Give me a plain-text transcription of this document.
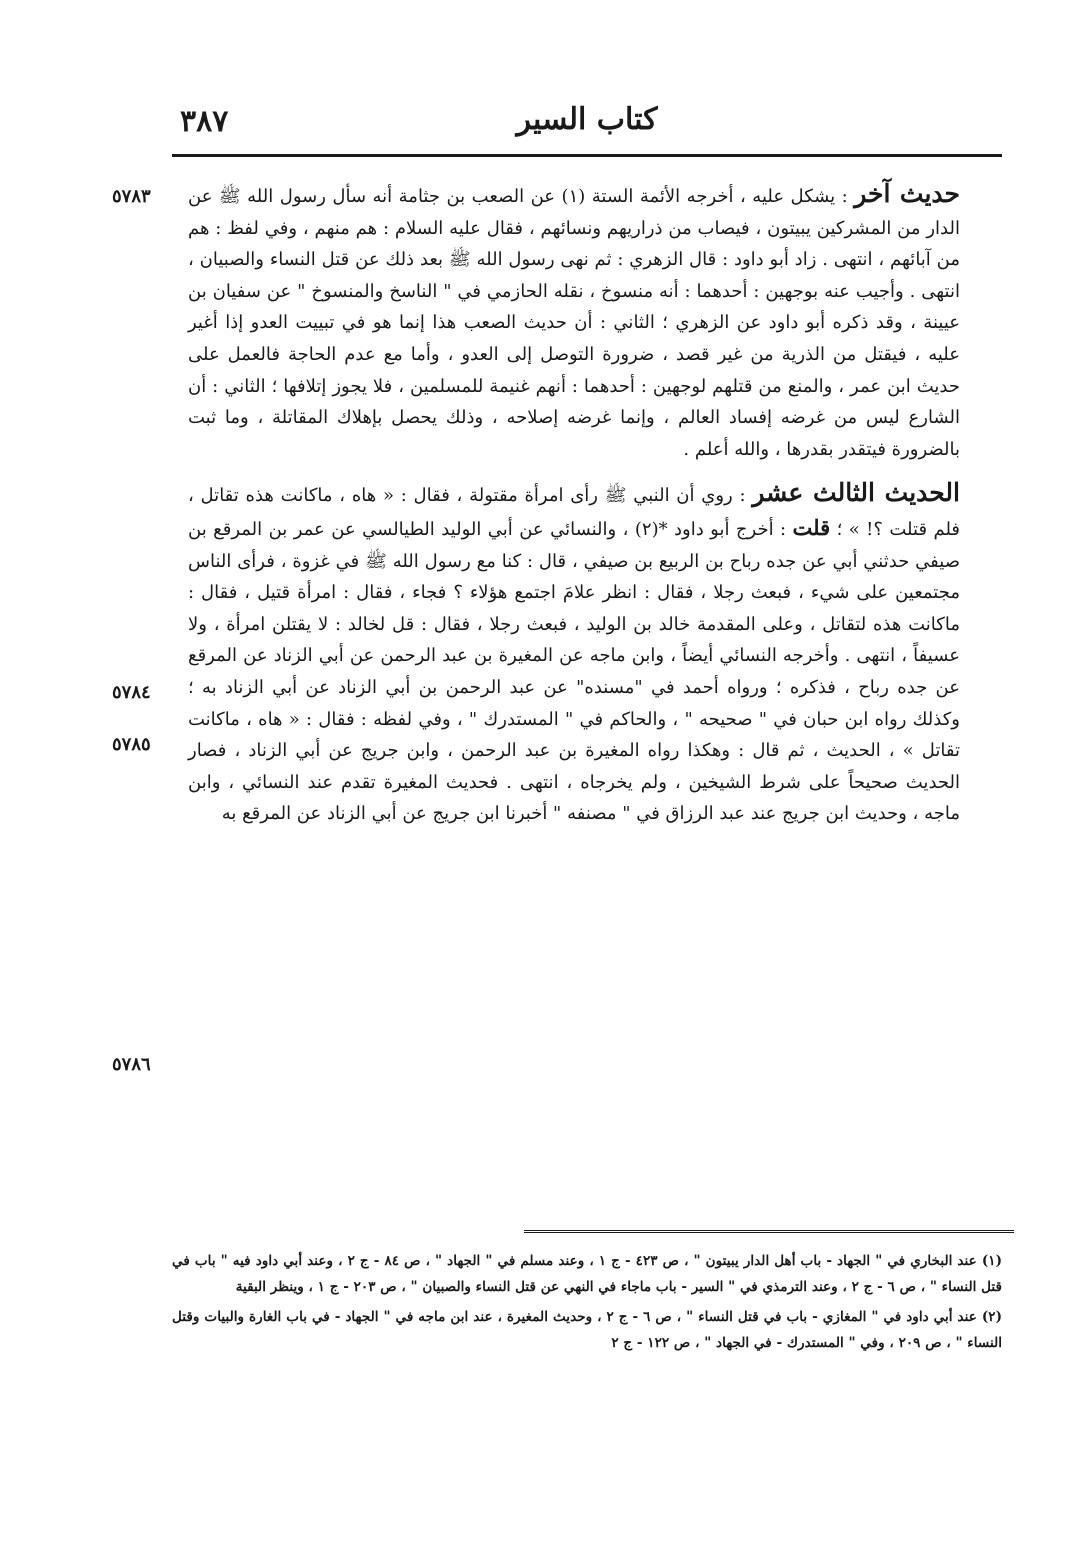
كتاب السير
٣٨٧
٥٧٨٣
٥٧٨٤
٥٧٨٥
٥٧٨٦

حديث آخر : يشكل عليه ، أخرجه الأئمة الستة (١) عن الصعب بن جثامة أنه سأل رسول الله ﷺ عن الدار من المشركين يبيتون ، فيصاب من ذراريهم ونسائهم ، فقال عليه السلام : هم منهم ، وفي لفظ : هم من آبائهم ، انتهى . زاد أبو داود : قال الزهري : ثم نهى رسول الله ﷺ بعد ذلك عن قتل النساء والصبيان ، انتهى . وأجيب عنه بوجهين : أحدهما : أنه منسوخ ، نقله الحازمي في " الناسخ والمنسوخ " عن سفيان بن عيينة ، وقد ذكره أبو داود عن الزهري ؛ الثاني : أن حديث الصعب هذا إنما هو في تبييت العدو إذا أغير عليه ، فيقتل من الذرية من غير قصد ، ضرورة التوصل إلى العدو ، وأما مع عدم الحاجة فالعمل على حديث ابن عمر ، والمنع من قتلهم لوجهين : أحدهما : أنهم غنيمة للمسلمين ، فلا يجوز إتلافها ؛ الثاني : أن الشارع ليس من غرضه إفساد العالم ، وإنما غرضه إصلاحه ، وذلك يحصل بإهلاك المقاتلة ، وما ثبت بالضرورة فيتقدر بقدرها ، والله أعلم .

الحديث الثالث عشر : روي أن النبي ﷺ رأى امرأة مقتولة ، فقال : « هاه ، ماكانت هذه تقاتل ، فلم قتلت ؟! » ؛ قلت : أخرج أبو داود *(٢) ، والنسائي عن أبي الوليد الطيالسي عن عمر بن المرقع بن صيفي حدثني أبي عن جده رباح بن الربيع بن صيفي ، قال : كنا مع رسول الله ﷺ في غزوة ، فرأى الناس مجتمعين على شيء ، فبعث رجلا ، فقال : انظر علامَ اجتمع هؤلاء ؟ فجاء ، فقال : امرأة قتيل ، فقال : ماكانت هذه لتقاتل ، وعلى المقدمة خالد بن الوليد ، فبعث رجلا ، فقال : قل لخالد : لا يقتلن امرأة ، ولا عسيفاً ، انتهى . وأخرجه النسائي أيضاً ، وابن ماجه عن المغيرة بن عبد الرحمن عن أبي الزناد عن المرقع عن جده رباح ، فذكره ؛ ورواه أحمد في "مسنده" عن عبد الرحمن بن أبي الزناد عن أبي الزناد به ؛ وكذلك رواه ابن حبان في " صحيحه " ، والحاكم في " المستدرك " ، وفي لفظه : فقال : « هاه ، ماكانت تقاتل » ، الحديث ، ثم قال : وهكذا رواه المغيرة بن عبد الرحمن ، وابن جريج عن أبي الزناد ، فصار الحديث صحيحاً على شرط الشيخين ، ولم يخرجاه ، انتهى . فحديث المغيرة تقدم عند النسائي ، وابن ماجه ، وحديث ابن جريج عند عبد الرزاق في " مصنفه " أخبرنا ابن جريج عن أبي الزناد عن المرقع به

(١) عند البخاري في " الجهاد - باب أهل الدار يبيتون " ، ص ٤٢٣ - ج ١ ، وعند مسلم في " الجهاد " ، ص ٨٤ - ج ٢ ، وعند أبي داود فيه " باب في قتل النساء " ، ص ٦ - ج ٢ ، وعند الترمذي في " السير - باب ماجاء في النهي عن قتل النساء والصبيان " ، ص ٢٠٣ - ج ١ ، وينظر البقية

(٢) عند أبي داود في " المغازي - باب في قتل النساء " ، ص ٦ - ج ٢ ، وحديث المغيرة ، عند ابن ماجه في " الجهاد - في باب الغارة والبيات وقتل النساء " ، ص ٢٠٩ ، وفي " المستدرك - في الجهاد " ، ص ١٢٢ - ج ٢
